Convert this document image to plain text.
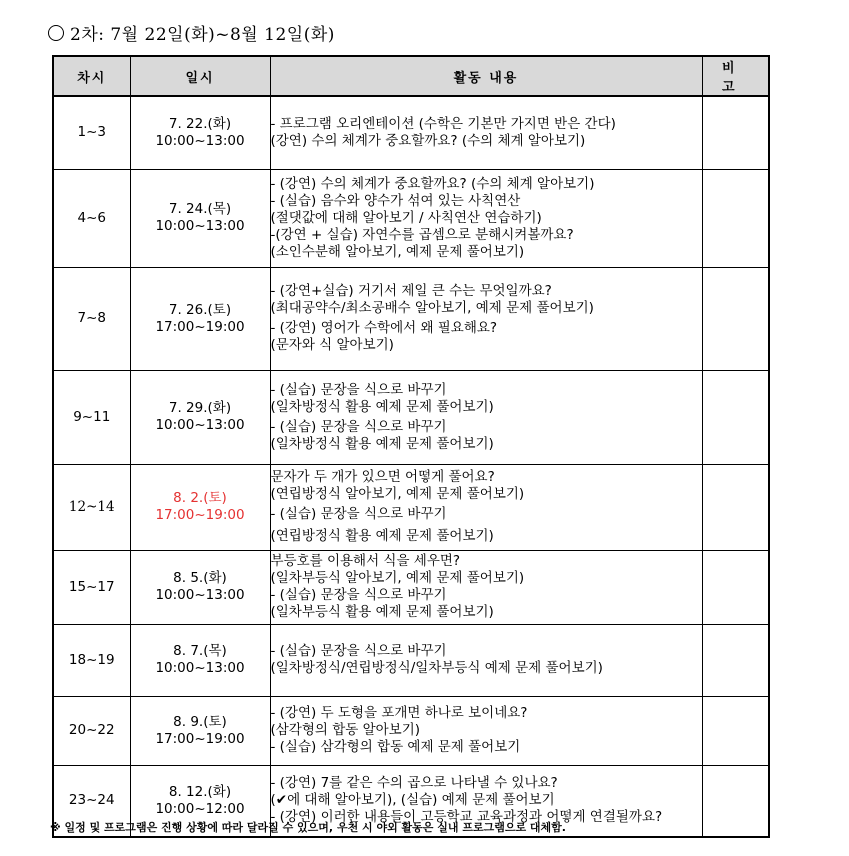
2차: 7월 22일(화)~8월 12일(화)
차시	일시	활동 내용	비 고
1~3	7. 22.(화)
10:00~13:00	- 프로그램 오리엔테이션 (수학은 기본만 가지면 반은 간다)
(강연) 수의 체계가 중요할까요? (수의 체계 알아보기)	

4~6	7. 24.(목)
10:00~13:00	- (강연) 수의 체계가 중요할까요? (수의 체계 알아보기)
- (실습) 음수와 양수가 섞여 있는 사칙연산
(절댓값에 대해 알아보기 / 사칙연산 연습하기)
-(강연 + 실습) 자연수를 곱셈으로 분해시켜볼까요?
(소인수분해 알아보기, 예제 문제 풀어보기)	

7~8	7. 26.(토)
17:00~19:00	- (강연+실습) 거기서 제일 큰 수는 무엇일까요?
(최대공약수/최소공배수 알아보기, 예제 문제 풀어보기)
- (강연) 영어가 수학에서 왜 필요해요?
(문자와 식 알아보기)	

9~11	7. 29.(화)
10:00~13:00	- (실습) 문장을 식으로 바꾸기
(일차방정식 활용 예제 문제 풀어보기)
- (실습) 문장을 식으로 바꾸기
(일차방정식 활용 예제 문제 풀어보기)	

12~14	8. 2.(토)
17:00~19:00	문자가 두 개가 있으면 어떻게 풀어요?
(연립방정식 알아보기, 예제 문제 풀어보기)
- (실습) 문장을 식으로 바꾸기
(연립방정식 활용 예제 문제 풀어보기)	

15~17	8. 5.(화)
10:00~13:00	부등호를 이용해서 식을 세우면?
(일차부등식 알아보기, 예제 문제 풀어보기)
- (실습) 문장을 식으로 바꾸기
(일차부등식 활용 예제 문제 풀어보기)	

18~19	8. 7.(목)
10:00~13:00	- (실습) 문장을 식으로 바꾸기
(일차방정식/연립방정식/일차부등식 예제 문제 풀어보기)	

20~22	8. 9.(토)
17:00~19:00	- (강연) 두 도형을 포개면 하나로 보이네요?
(삼각형의 합동 알아보기)
- (실습) 삼각형의 합동 예제 문제 풀어보기	

23~24	8. 12.(화)
10:00~12:00	- (강연) 7를 같은 수의 곱으로 나타낼 수 있나요?
(✔에 대해 알아보기), (실습) 예제 문제 풀어보기
- (강연) 이러한 내용들이 고등학교 교육과정과 어떻게 연결될까요?	

※ 일정 및 프로그램은 진행 상황에 따라 달라질 수 있으며, 우천 시 야외 활동은 실내 프로그램으로 대체함.
